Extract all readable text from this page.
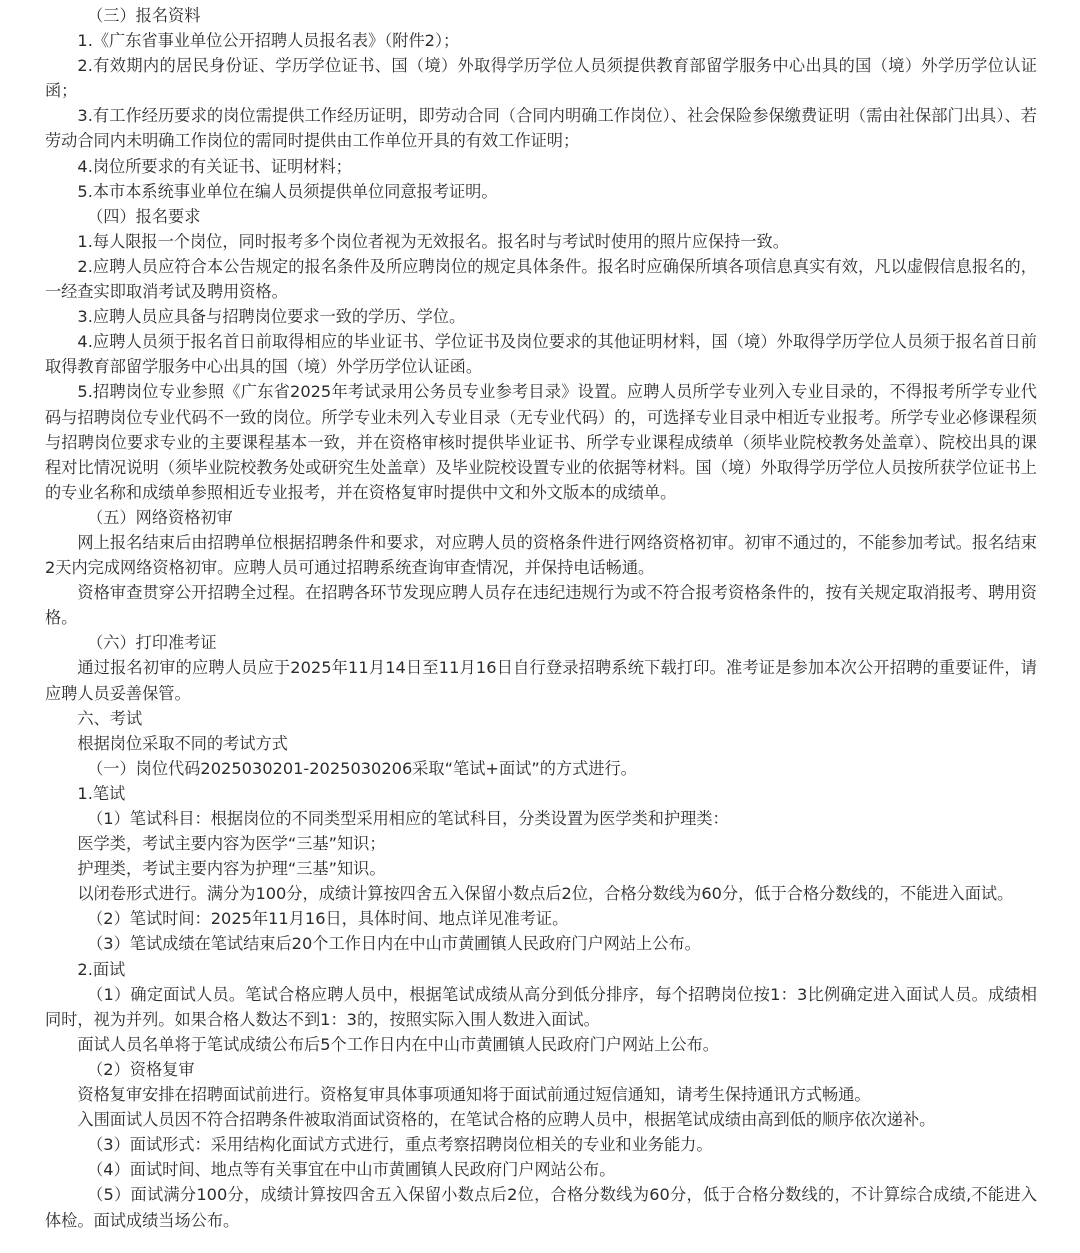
（三）报名资料

1.《广东省事业单位公开招聘人员报名表》（附件2）；

2.有效期内的居民身份证、学历学位证书、国（境）外取得学历学位人员须提供教育部留学服务中心出具的国（境）外学历学位认证函；

3.有工作经历要求的岗位需提供工作经历证明，即劳动合同（合同内明确工作岗位）、社会保险参保缴费证明（需由社保部门出具）、若劳动合同内未明确工作岗位的需同时提供由工作单位开具的有效工作证明；

4.岗位所要求的有关证书、证明材料；

5.本市本系统事业单位在编人员须提供单位同意报考证明。

（四）报名要求

1.每人限报一个岗位，同时报考多个岗位者视为无效报名。报名时与考试时使用的照片应保持一致。

2.应聘人员应符合本公告规定的报名条件及所应聘岗位的规定具体条件。报名时应确保所填各项信息真实有效，凡以虚假信息报名的，一经查实即取消考试及聘用资格。

3.应聘人员应具备与招聘岗位要求一致的学历、学位。

4.应聘人员须于报名首日前取得相应的毕业证书、学位证书及岗位要求的其他证明材料，国（境）外取得学历学位人员须于报名首日前取得教育部留学服务中心出具的国（境）外学历学位认证函。

5.招聘岗位专业参照《广东省2025年考试录用公务员专业参考目录》设置。应聘人员所学专业列入专业目录的，不得报考所学专业代码与招聘岗位专业代码不一致的岗位。所学专业未列入专业目录（无专业代码）的，可选择专业目录中相近专业报考。所学专业必修课程须与招聘岗位要求专业的主要课程基本一致，并在资格审核时提供毕业证书、所学专业课程成绩单（须毕业院校教务处盖章）、院校出具的课程对比情况说明（须毕业院校教务处或研究生处盖章）及毕业院校设置专业的依据等材料。国（境）外取得学历学位人员按所获学位证书上的专业名称和成绩单参照相近专业报考，并在资格复审时提供中文和外文版本的成绩单。

（五）网络资格初审

网上报名结束后由招聘单位根据招聘条件和要求，对应聘人员的资格条件进行网络资格初审。初审不通过的，不能参加考试。报名结束2天内完成网络资格初审。应聘人员可通过招聘系统查询审查情况，并保持电话畅通。

资格审查贯穿公开招聘全过程。在招聘各环节发现应聘人员存在违纪违规行为或不符合报考资格条件的，按有关规定取消报考、聘用资格。

（六）打印准考证

通过报名初审的应聘人员应于2025年11月14日至11月16日自行登录招聘系统下载打印。准考证是参加本次公开招聘的重要证件，请应聘人员妥善保管。

六、考试

根据岗位采取不同的考试方式

（一）岗位代码2025030201-2025030206采取“笔试+面试”的方式进行。

1.笔试

（1）笔试科目：根据岗位的不同类型采用相应的笔试科目，分类设置为医学类和护理类：

医学类，考试主要内容为医学“三基”知识；

护理类，考试主要内容为护理“三基”知识。

以闭卷形式进行。满分为100分，成绩计算按四舍五入保留小数点后2位，合格分数线为60分，低于合格分数线的，不能进入面试。

（2）笔试时间：2025年11月16日，具体时间、地点详见准考证。

（3）笔试成绩在笔试结束后20个工作日内在中山市黄圃镇人民政府门户网站上公布。

2.面试

（1）确定面试人员。笔试合格应聘人员中，根据笔试成绩从高分到低分排序，每个招聘岗位按1：3比例确定进入面试人员。成绩相同时，视为并列。如果合格人数达不到1：3的，按照实际入围人数进入面试。

面试人员名单将于笔试成绩公布后5个工作日内在中山市黄圃镇人民政府门户网站上公布。

（2）资格复审

资格复审安排在招聘面试前进行。资格复审具体事项通知将于面试前通过短信通知，请考生保持通讯方式畅通。

入围面试人员因不符合招聘条件被取消面试资格的，在笔试合格的应聘人员中，根据笔试成绩由高到低的顺序依次递补。

（3）面试形式：采用结构化面试方式进行，重点考察招聘岗位相关的专业和业务能力。

（4）面试时间、地点等有关事宜在中山市黄圃镇人民政府门户网站公布。

（5）面试满分100分，成绩计算按四舍五入保留小数点后2位，合格分数线为60分，低于合格分数线的，不计算综合成绩,不能进入体检。面试成绩当场公布。
